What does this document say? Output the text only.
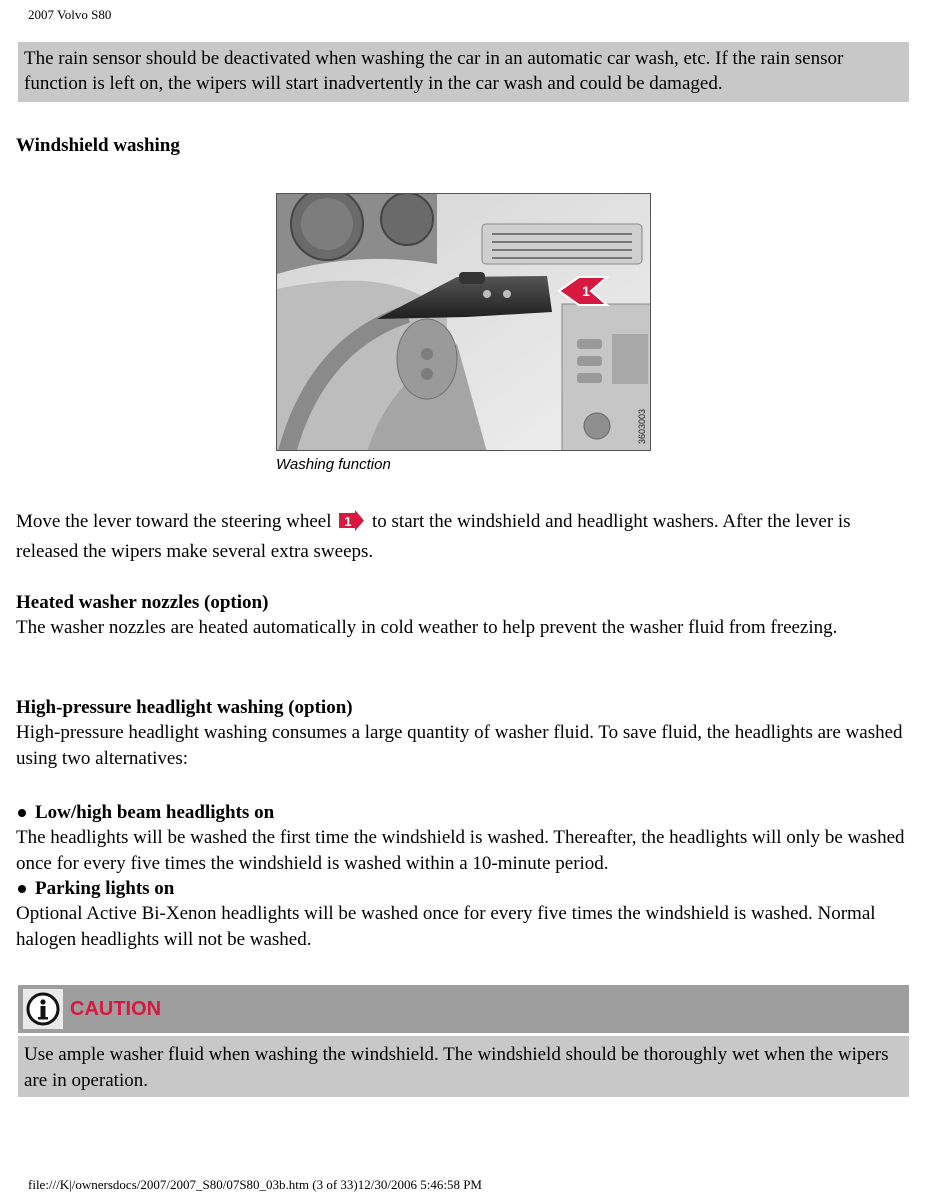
2007 Volvo S80
The rain sensor should be deactivated when washing the car in an automatic car wash, etc. If the rain sensor function is left on, the wipers will start inadvertently in the car wash and could be damaged.
Windshield washing
1
3603003
Washing function
Move the lever toward the steering wheel 1 to start the windshield and headlight washers. After the lever is released the wipers make several extra sweeps.
Heated washer nozzles (option)
The washer nozzles are heated automatically in cold weather to help prevent the washer fluid from freezing.
High-pressure headlight washing (option)
High-pressure headlight washing consumes a large quantity of washer fluid. To save fluid, the headlights are washed using two alternatives:
Low/high beam headlights on
The headlights will be washed the first time the windshield is washed. Thereafter, the headlights will only be washed once for every five times the windshield is washed within a 10-minute period.
Parking lights on
Optional Active Bi-Xenon headlights will be washed once for every five times the windshield is washed. Normal halogen headlights will not be washed.
CAUTION
Use ample washer fluid when washing the windshield. The windshield should be thoroughly wet when the wipers are in operation.
file:///K|/ownersdocs/2007/2007_S80/07S80_03b.htm (3 of 33)12/30/2006 5:46:58 PM
